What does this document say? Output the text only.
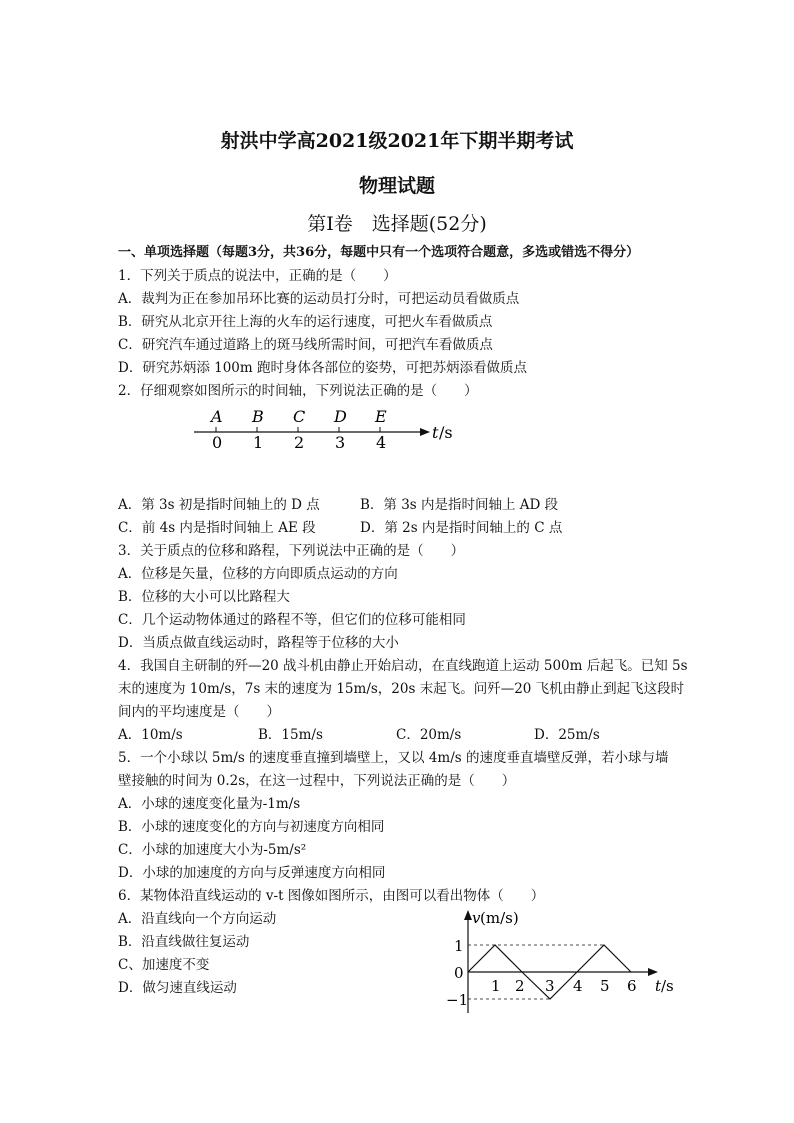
射洪中学高2021级2021年下期半期考试
物理试题
第Ⅰ卷　选择题(52分)
一、单项选择题（每题3分，共36分，每题中只有一个选项符合题意，多选或错选不得分）
1．下列关于质点的说法中，正确的是（　　）
A．裁判为正在参加吊环比赛的运动员打分时，可把运动员看做质点
B．研究从北京开往上海的火车的运行速度，可把火车看做质点
C．研究汽车通过道路上的斑马线所需时间，可把汽车看做质点
D．研究苏炳添 100m 跑时身体各部位的姿势，可把苏炳添看做质点
2．仔细观察如图所示的时间轴，下列说法正确的是（　　）
A
0
B
1
C
2
D
3
E
4
t /s
A．第 3s 初是指时间轴上的 D 点	B．第 3s 内是指时间轴上 AD 段
C．前 4s 内是指时间轴上 AE 段	D．第 2s 内是指时间轴上的 C 点
3．关于质点的位移和路程，下列说法中正确的是（　　）
A．位移是矢量，位移的方向即质点运动的方向
B．位移的大小可以比路程大
C．几个运动物体通过的路程不等，但它们的位移可能相同
D．当质点做直线运动时，路程等于位移的大小
4．我国自主研制的歼—20 战斗机由静止开始启动，在直线跑道上运动 500m 后起飞。已知 5s
末的速度为 10m/s，7s 末的速度为 15m/s，20s 末起飞。问歼—20 飞机由静止到起飞这段时
间内的平均速度是（　　）
A．10m/s	B．15m/s	C．20m/s	D．25m/s
5．一个小球以 5m/s 的速度垂直撞到墙壁上，又以 4m/s 的速度垂直墙壁反弹，若小球与墙
壁接触的时间为 0.2s，在这一过程中，下列说法正确的是（　　）
A．小球的速度变化量为-1m/s
B．小球的速度变化的方向与初速度方向相同
C．小球的加速度大小为-5m/s²
D．小球的加速度的方向与反弹速度方向相同
6．某物体沿直线运动的 v-t 图像如图所示，由图可以看出物体（　　）
A．沿直线向一个方向运动
B．沿直线做往复运动
C、加速度不变
D．做匀速直线运动
v (m/s)
1
0
−1
1 2 3 4 5 6 t /s
